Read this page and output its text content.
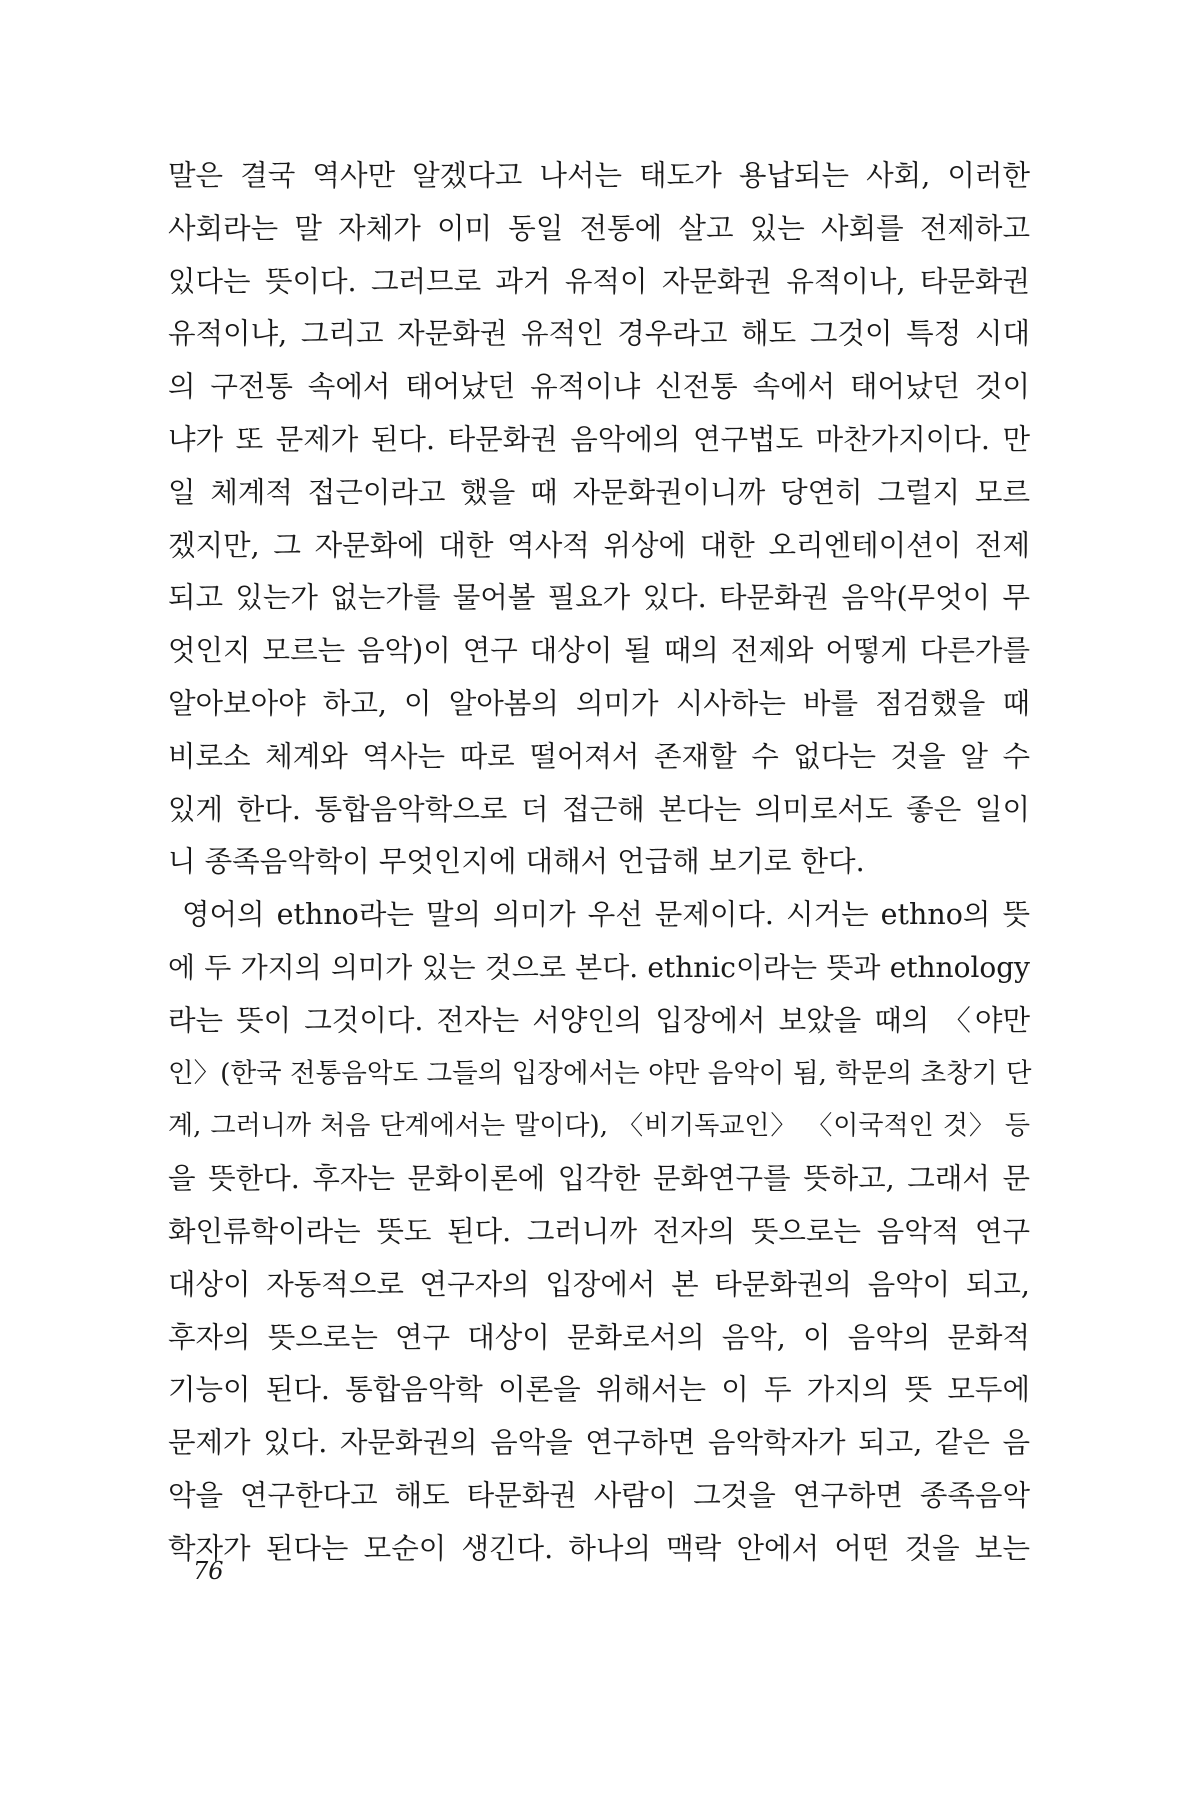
말은 결국 역사만 알겠다고 나서는 태도가 용납되는 사회, 이러한
사회라는 말 자체가 이미 동일 전통에 살고 있는 사회를 전제하고
있다는 뜻이다. 그러므로 과거 유적이 자문화권 유적이나, 타문화권
유적이냐, 그리고 자문화권 유적인 경우라고 해도 그것이 특정 시대
의 구전통 속에서 태어났던 유적이냐 신전통 속에서 태어났던 것이
냐가 또 문제가 된다. 타문화권 음악에의 연구법도 마찬가지이다. 만
일 체계적 접근이라고 했을 때 자문화권이니까 당연히 그럴지 모르
겠지만, 그 자문화에 대한 역사적 위상에 대한 오리엔테이션이 전제
되고 있는가 없는가를 물어볼 필요가 있다. 타문화권 음악(무엇이 무
엇인지 모르는 음악)이 연구 대상이 될 때의 전제와 어떻게 다른가를
알아보아야 하고, 이 알아봄의 의미가 시사하는 바를 점검했을 때
비로소 체계와 역사는 따로 떨어져서 존재할 수 없다는 것을 알 수
있게 한다. 통합음악학으로 더 접근해 본다는 의미로서도 좋은 일이
니 종족음악학이 무엇인지에 대해서 언급해 보기로 한다.
영어의 ethno라는 말의 의미가 우선 문제이다. 시거는 ethno의 뜻
에 두 가지의 의미가 있는 것으로 본다. ethnic이라는 뜻과 ethnology
라는 뜻이 그것이다. 전자는 서양인의 입장에서 보았을 때의 〈야만
인〉(한국 전통음악도 그들의 입장에서는 야만 음악이 됨, 학문의 초창기 단
계, 그러니까 처음 단계에서는 말이다), 〈비기독교인〉 〈이국적인 것〉 등
을 뜻한다. 후자는 문화이론에 입각한 문화연구를 뜻하고, 그래서 문
화인류학이라는 뜻도 된다. 그러니까 전자의 뜻으로는 음악적 연구
대상이 자동적으로 연구자의 입장에서 본 타문화권의 음악이 되고,
후자의 뜻으로는 연구 대상이 문화로서의 음악, 이 음악의 문화적
기능이 된다. 통합음악학 이론을 위해서는 이 두 가지의 뜻 모두에
문제가 있다. 자문화권의 음악을 연구하면 음악학자가 되고, 같은 음
악을 연구한다고 해도 타문화권 사람이 그것을 연구하면 종족음악
학자가 된다는 모순이 생긴다. 하나의 맥락 안에서 어떤 것을 보는
76
